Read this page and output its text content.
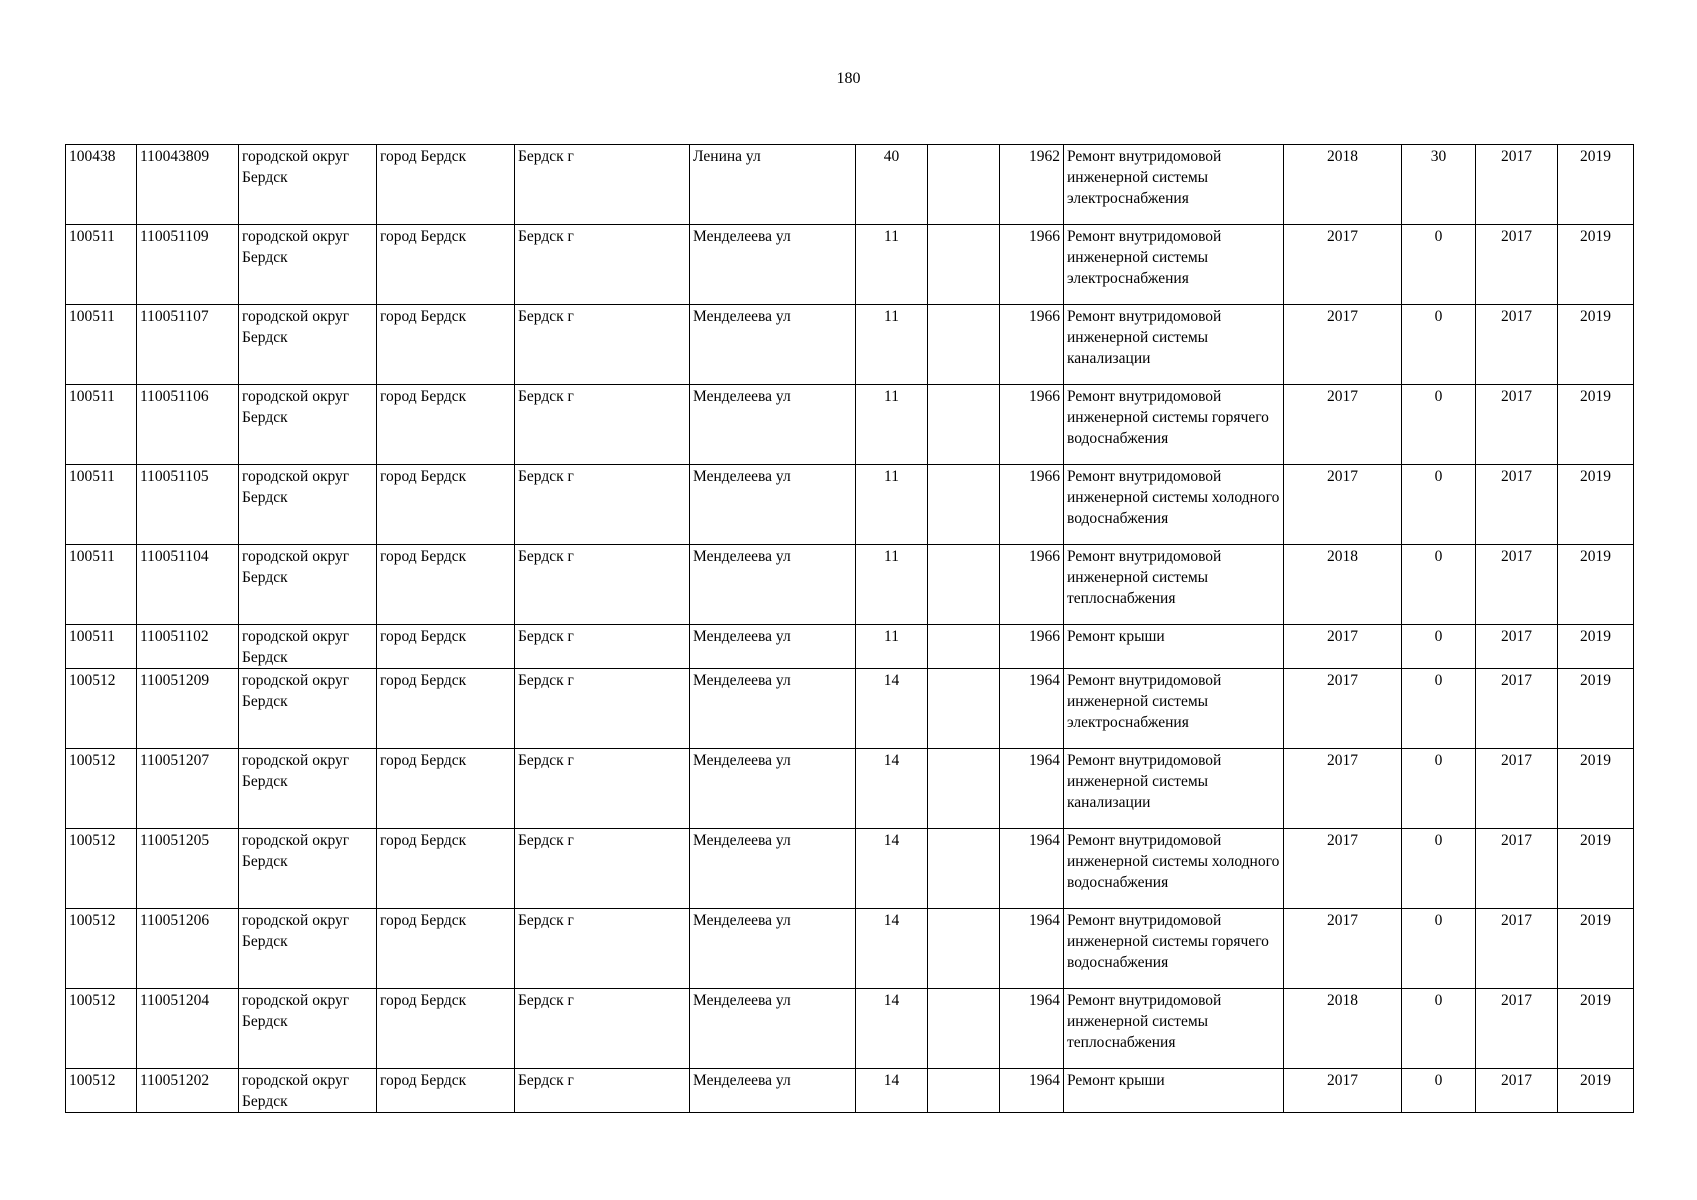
180
100438	110043809	городской округ Бердск	город Бердск	Бердск г	Ленина ул	40		1962	Ремонт внутридомовой инженерной системы электроснабжения	2018	30	2017	2019
100511	110051109	городской округ Бердск	город Бердск	Бердск г	Менделеева ул	11		1966	Ремонт внутридомовой инженерной системы электроснабжения	2017	0	2017	2019
100511	110051107	городской округ Бердск	город Бердск	Бердск г	Менделеева ул	11		1966	Ремонт внутридомовой инженерной системы канализации	2017	0	2017	2019
100511	110051106	городской округ Бердск	город Бердск	Бердск г	Менделеева ул	11		1966	Ремонт внутридомовой инженерной системы горячего водоснабжения	2017	0	2017	2019
100511	110051105	городской округ Бердск	город Бердск	Бердск г	Менделеева ул	11		1966	Ремонт внутридомовой инженерной системы холодного водоснабжения	2017	0	2017	2019
100511	110051104	городской округ Бердск	город Бердск	Бердск г	Менделеева ул	11		1966	Ремонт внутридомовой инженерной системы теплоснабжения	2018	0	2017	2019
100511	110051102	городской округ Бердск	город Бердск	Бердск г	Менделеева ул	11		1966	Ремонт крыши	2017	0	2017	2019
100512	110051209	городской округ Бердск	город Бердск	Бердск г	Менделеева ул	14		1964	Ремонт внутридомовой инженерной системы электроснабжения	2017	0	2017	2019
100512	110051207	городской округ Бердск	город Бердск	Бердск г	Менделеева ул	14		1964	Ремонт внутридомовой инженерной системы канализации	2017	0	2017	2019
100512	110051205	городской округ Бердск	город Бердск	Бердск г	Менделеева ул	14		1964	Ремонт внутридомовой инженерной системы холодного водоснабжения	2017	0	2017	2019
100512	110051206	городской округ Бердск	город Бердск	Бердск г	Менделеева ул	14		1964	Ремонт внутридомовой инженерной системы горячего водоснабжения	2017	0	2017	2019
100512	110051204	городской округ Бердск	город Бердск	Бердск г	Менделеева ул	14		1964	Ремонт внутридомовой инженерной системы теплоснабжения	2018	0	2017	2019
100512	110051202	городской округ Бердск	город Бердск	Бердск г	Менделеева ул	14		1964	Ремонт крыши	2017	0	2017	2019
